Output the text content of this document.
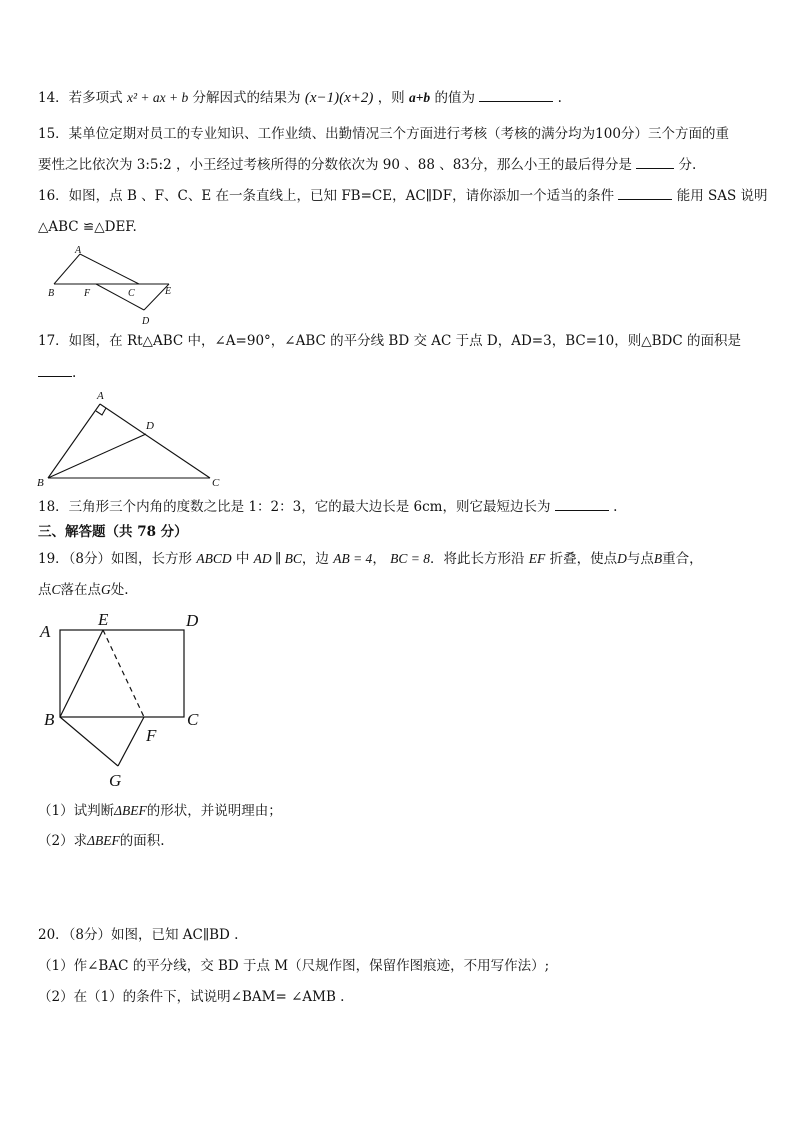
14．若多项式 x² + ax + b 分解因式的结果为 (x−1)(x+2) ，则 a+b 的值为	.
15．某单位定期对员工的专业知识、工作业绩、出勤情况三个方面进行考核（考核的满分均为100分）三个方面的重
要性之比依次为 3:5:2 ，小王经过考核所得的分数依次为 90 、88 、83分，那么小王的最后得分是	分.
16．如图，点 B 、F、C、E 在一条直线上，已知 FB=CE，AC∥DF，请你添加一个适当的条件	能用 SAS 说明
△ABC ≌△DEF.
A
B	F	C	E
D
17．如图，在 Rt△ABC 中，∠A=90°，∠ABC 的平分线 BD 交 AC 于点 D，AD=3，BC=10，则△BDC 的面积是
.
A
B	C
D
18．三角形三个内角的度数之比是 1：2：3，它的最大边长是 6cm，则它最短边长为	.
三、解答题（共 78 分）
19．（8分）如图，长方形 ABCD 中 AD ∥ BC，边 AB = 4， BC = 8．将此长方形沿 EF 折叠，使点D与点B重合，
点C落在点G处.
A
E	D
B	C
F
G
（1）试判断ΔBEF的形状，并说明理由；
（2）求ΔBEF的面积.
20．（8分）如图，已知 AC∥BD .
（1）作∠BAC 的平分线，交 BD 于点 M（尺规作图，保留作图痕迹，不用写作法）;
（2）在（1）的条件下，试说明∠BAM= ∠AMB .
